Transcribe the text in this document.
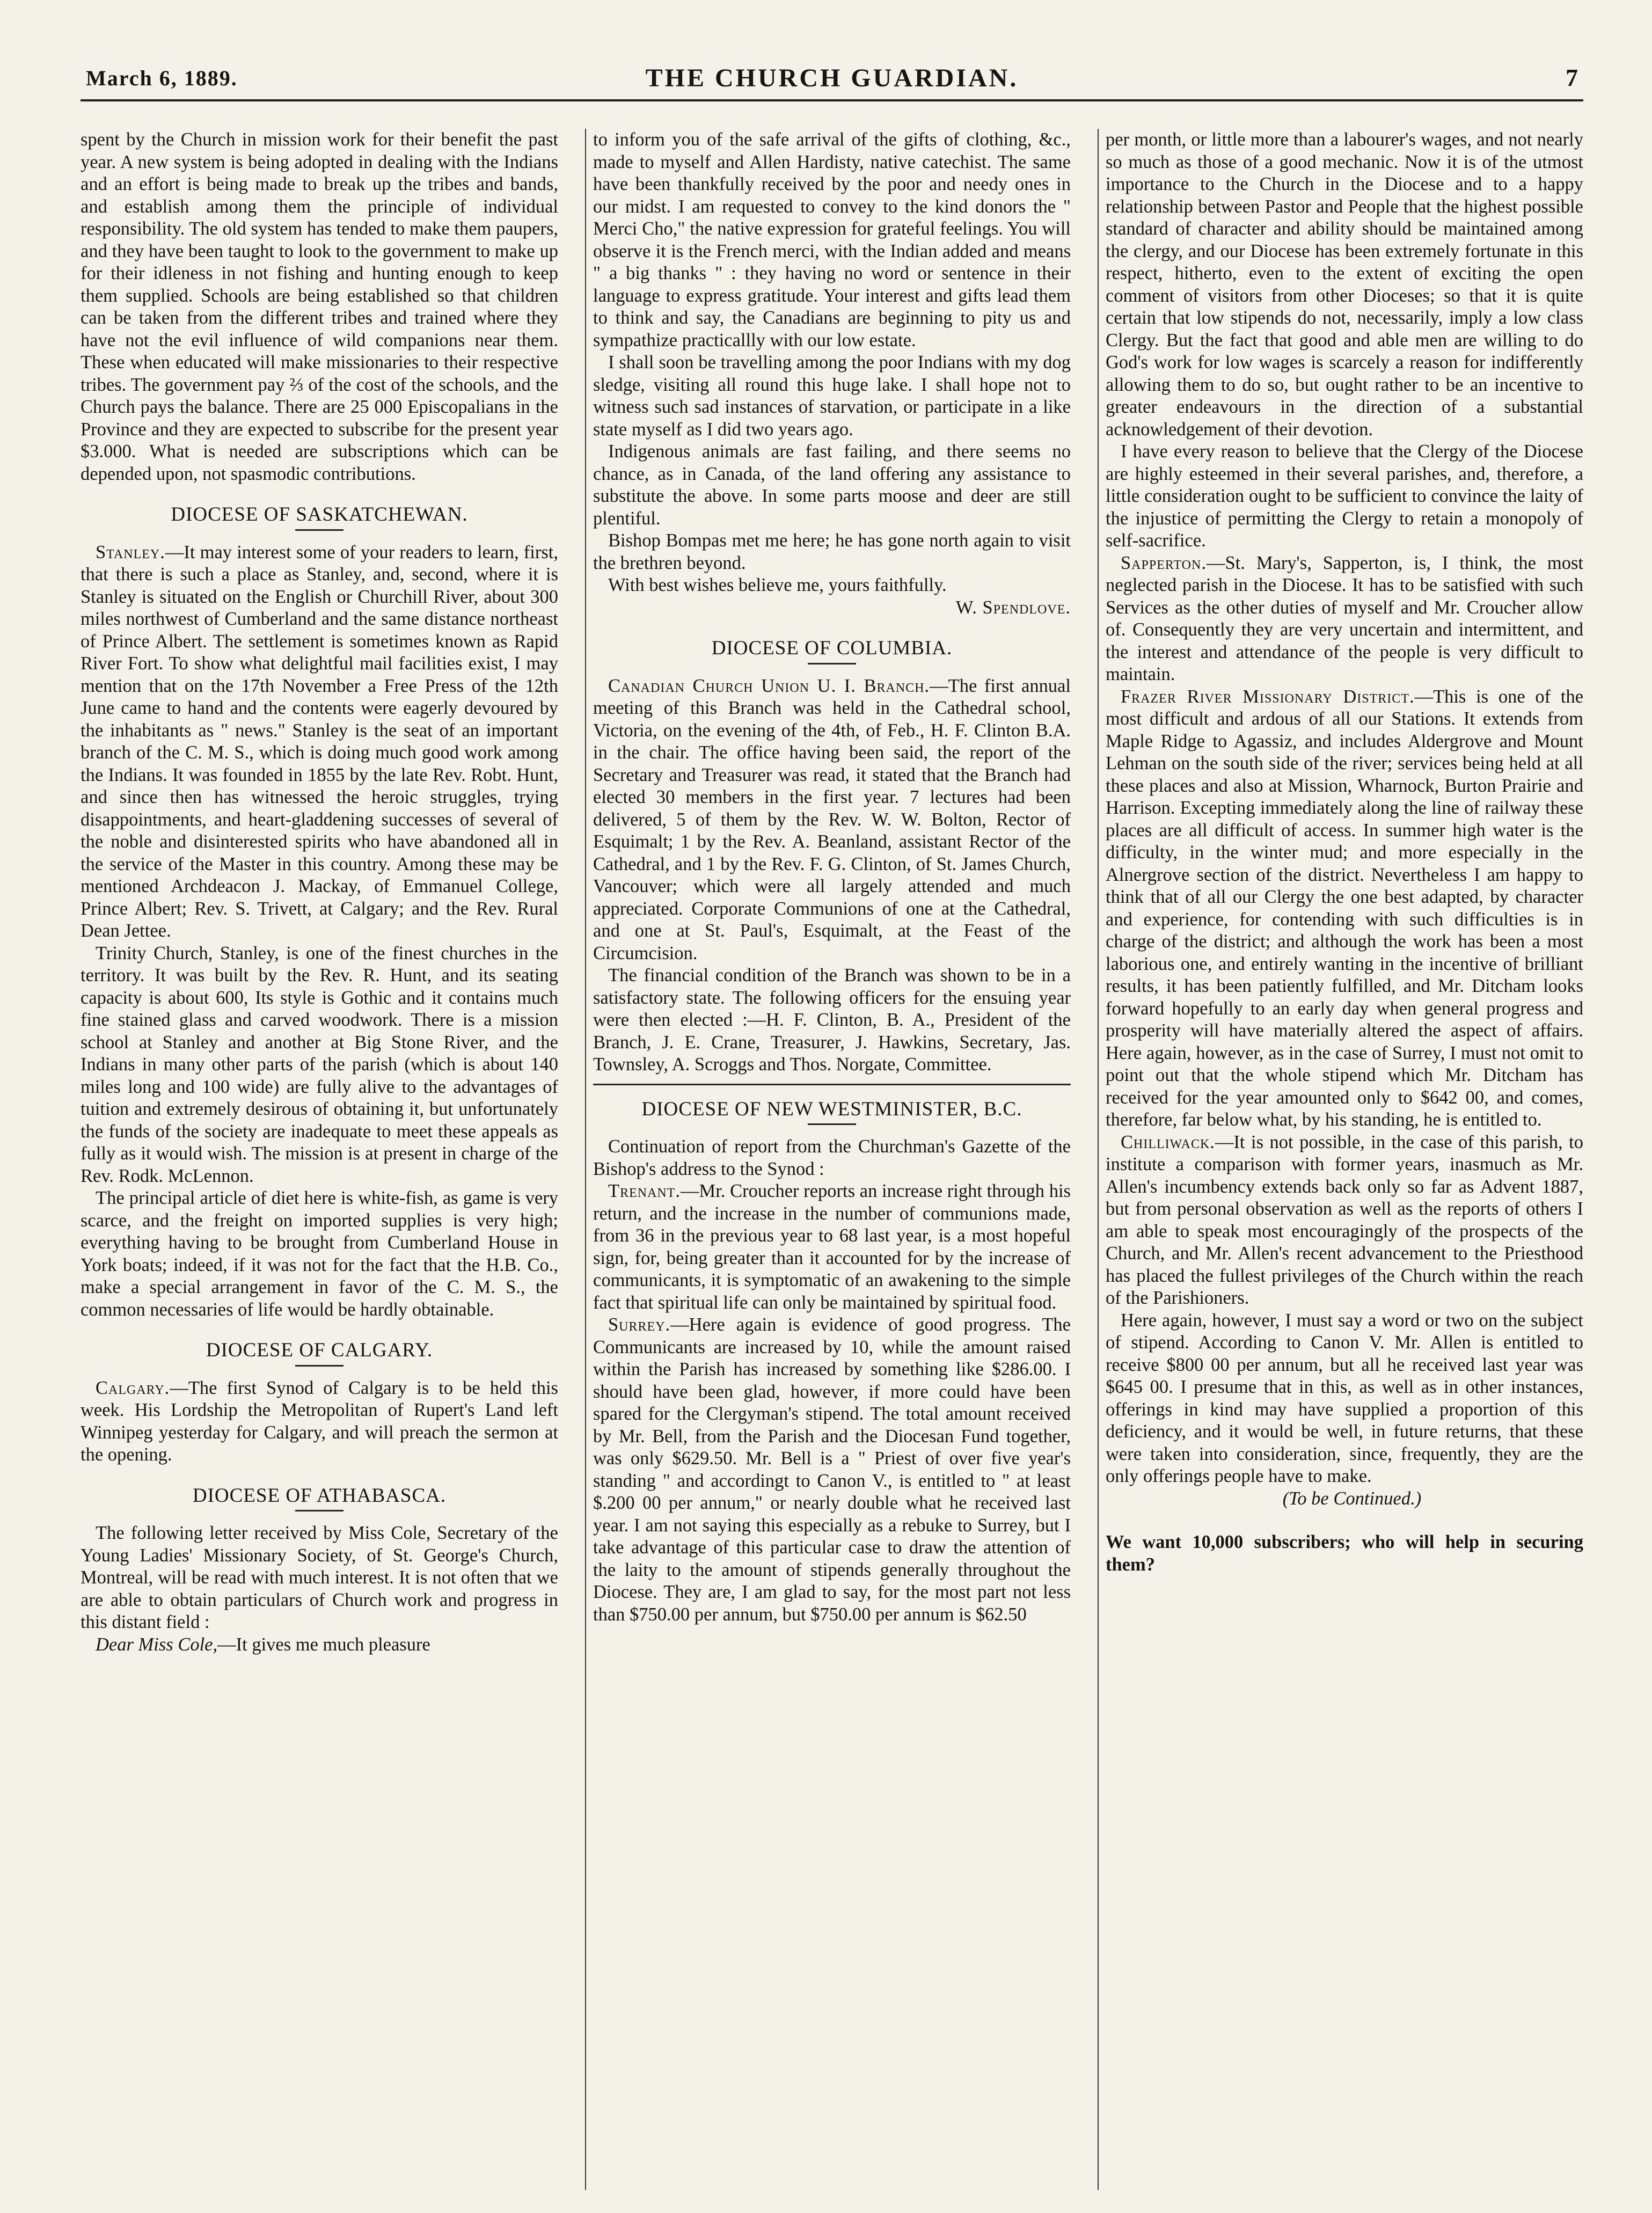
March 6, 1889.	THE CHURCH GUARDIAN.	7

spent by the Church in mission work for their benefit the past year. A new system is being adopted in dealing with the Indians and an effort is being made to break up the tribes and bands, and establish among them the principle of individual responsibility. The old system has tended to make them paupers, and they have been taught to look to the government to make up for their idleness in not fishing and hunting enough to keep them supplied. Schools are being established so that children can be taken from the different tribes and trained where they have not the evil influence of wild companions near them. These when educated will make missionaries to their respective tribes. The government pay ⅔ of the cost of the schools, and the Church pays the balance. There are 25 000 Episcopalians in the Province and they are expected to subscribe for the present year $3.000. What is needed are subscriptions which can be depended upon, not spasmodic contributions.

DIOCESE OF SASKATCHEWAN.

Stanley.—It may interest some of your readers to learn, first, that there is such a place as Stanley, and, second, where it is Stanley is situated on the English or Churchill River, about 300 miles northwest of Cumberland and the same distance northeast of Prince Albert. The settlement is sometimes known as Rapid River Fort. To show what delightful mail facilities exist, I may mention that on the 17th November a Free Press of the 12th June came to hand and the contents were eagerly devoured by the inhabitants as " news." Stanley is the seat of an important branch of the C. M. S., which is doing much good work among the Indians. It was founded in 1855 by the late Rev. Robt. Hunt, and since then has witnessed the heroic struggles, trying disappointments, and heart-gladdening successes of several of the noble and disinterested spirits who have abandoned all in the service of the Master in this country. Among these may be mentioned Archdeacon J. Mackay, of Emmanuel College, Prince Albert; Rev. S. Trivett, at Calgary; and the Rev. Rural Dean Jettee.

Trinity Church, Stanley, is one of the finest churches in the territory. It was built by the Rev. R. Hunt, and its seating capacity is about 600, Its style is Gothic and it contains much fine stained glass and carved woodwork. There is a mission school at Stanley and another at Big Stone River, and the Indians in many other parts of the parish (which is about 140 miles long and 100 wide) are fully alive to the advantages of tuition and extremely desirous of obtaining it, but unfortunately the funds of the society are inadequate to meet these appeals as fully as it would wish. The mission is at present in charge of the Rev. Rodk. McLennon.

The principal article of diet here is white-fish, as game is very scarce, and the freight on imported supplies is very high; everything having to be brought from Cumberland House in York boats; indeed, if it was not for the fact that the H.B. Co., make a special arrangement in favor of the C. M. S., the common necessaries of life would be hardly obtainable.

DIOCESE OF CALGARY.

Calgary.—The first Synod of Calgary is to be held this week. His Lordship the Metropolitan of Rupert's Land left Winnipeg yesterday for Calgary, and will preach the sermon at the opening.

DIOCESE OF ATHABASCA.

The following letter received by Miss Cole, Secretary of the Young Ladies' Missionary Society, of St. George's Church, Montreal, will be read with much interest. It is not often that we are able to obtain particulars of Church work and progress in this distant field :

Dear Miss Cole,—It gives me much pleasure

to inform you of the safe arrival of the gifts of clothing, &c., made to myself and Allen Hardisty, native catechist. The same have been thankfully received by the poor and needy ones in our midst. I am requested to convey to the kind donors the " Merci Cho," the native expression for grateful feelings. You will observe it is the French merci, with the Indian added and means " a big thanks " : they having no word or sentence in their language to express gratitude. Your interest and gifts lead them to think and say, the Canadians are beginning to pity us and sympathize practicallly with our low estate.

I shall soon be travelling among the poor Indians with my dog sledge, visiting all round this huge lake. I shall hope not to witness such sad instances of starvation, or participate in a like state myself as I did two years ago.

Indigenous animals are fast failing, and there seems no chance, as in Canada, of the land offering any assistance to substitute the above. In some parts moose and deer are still plentiful.

Bishop Bompas met me here; he has gone north again to visit the brethren beyond.

With best wishes believe me, yours faithfully.

W. Spendlove.

DIOCESE OF COLUMBIA.

Canadian Church Union U. I. Branch.—The first annual meeting of this Branch was held in the Cathedral school, Victoria, on the evening of the 4th, of Feb., H. F. Clinton B.A. in the chair. The office having been said, the report of the Secretary and Treasurer was read, it stated that the Branch had elected 30 members in the first year. 7 lectures had been delivered, 5 of them by the Rev. W. W. Bolton, Rector of Esquimalt; 1 by the Rev. A. Beanland, assistant Rector of the Cathedral, and 1 by the Rev. F. G. Clinton, of St. James Church, Vancouver; which were all largely attended and much appreciated. Corporate Communions of one at the Cathedral, and one at St. Paul's, Esquimalt, at the Feast of the Circumcision.

The financial condition of the Branch was shown to be in a satisfactory state. The following officers for the ensuing year were then elected :—H. F. Clinton, B. A., President of the Branch, J. E. Crane, Treasurer, J. Hawkins, Secretary, Jas. Townsley, A. Scroggs and Thos. Norgate, Committee.

DIOCESE OF NEW WESTMINISTER, B.C.

Continuation of report from the Churchman's Gazette of the Bishop's address to the Synod :

Trenant.—Mr. Croucher reports an increase right through his return, and the increase in the number of communions made, from 36 in the previous year to 68 last year, is a most hopeful sign, for, being greater than it accounted for by the increase of communicants, it is symptomatic of an awakening to the simple fact that spiritual life can only be maintained by spiritual food.

Surrey.—Here again is evidence of good progress. The Communicants are increased by 10, while the amount raised within the Parish has increased by something like $286.00. I should have been glad, however, if more could have been spared for the Clergyman's stipend. The total amount received by Mr. Bell, from the Parish and the Diocesan Fund together, was only $629.50. Mr. Bell is a " Priest of over five year's standing " and accordingt to Canon V., is entitled to " at least $.200 00 per annum," or nearly double what he received last year. I am not saying this especially as a rebuke to Surrey, but I take advantage of this particular case to draw the attention of the laity to the amount of stipends generally throughout the Diocese. They are, I am glad to say, for the most part not less than $750.00 per annum, but $750.00 per annum is $62.50

per month, or little more than a labourer's wages, and not nearly so much as those of a good mechanic. Now it is of the utmost importance to the Church in the Diocese and to a happy relationship between Pastor and People that the highest possible standard of character and ability should be maintained among the clergy, and our Diocese has been extremely fortunate in this respect, hitherto, even to the extent of exciting the open comment of visitors from other Dioceses; so that it is quite certain that low stipends do not, necessarily, imply a low class Clergy. But the fact that good and able men are willing to do God's work for low wages is scarcely a reason for indifferently allowing them to do so, but ought rather to be an incentive to greater endeavours in the direction of a substantial acknowledgement of their devotion.

I have every reason to believe that the Clergy of the Diocese are highly esteemed in their several parishes, and, therefore, a little consideration ought to be sufficient to convince the laity of the injustice of permitting the Clergy to retain a monopoly of self-sacrifice.

Sapperton.—St. Mary's, Sapperton, is, I think, the most neglected parish in the Diocese. It has to be satisfied with such Services as the other duties of myself and Mr. Croucher allow of. Consequently they are very uncertain and intermittent, and the interest and attendance of the people is very difficult to maintain.

Frazer River Missionary District.—This is one of the most difficult and ardous of all our Stations. It extends from Maple Ridge to Agassiz, and includes Aldergrove and Mount Lehman on the south side of the river; services being held at all these places and also at Mission, Wharnock, Burton Prairie and Harrison. Excepting immediately along the line of railway these places are all difficult of access. In summer high water is the difficulty, in the winter mud; and more especially in the Alnergrove section of the district. Nevertheless I am happy to think that of all our Clergy the one best adapted, by character and experience, for contending with such difficulties is in charge of the district; and although the work has been a most laborious one, and entirely wanting in the incentive of brilliant results, it has been patiently fulfilled, and Mr. Ditcham looks forward hopefully to an early day when general progress and prosperity will have materially altered the aspect of affairs. Here again, however, as in the case of Surrey, I must not omit to point out that the whole stipend which Mr. Ditcham has received for the year amounted only to $642 00, and comes, therefore, far below what, by his standing, he is entitled to.

Chilliwack.—It is not possible, in the case of this parish, to institute a comparison with former years, inasmuch as Mr. Allen's incumbency extends back only so far as Advent 1887, but from personal observation as well as the reports of others I am able to speak most encouragingly of the prospects of the Church, and Mr. Allen's recent advancement to the Priesthood has placed the fullest privileges of the Church within the reach of the Parishioners.

Here again, however, I must say a word or two on the subject of stipend. According to Canon V. Mr. Allen is entitled to receive $800 00 per annum, but all he received last year was $645 00. I presume that in this, as well as in other instances, offerings in kind may have supplied a proportion of this deficiency, and it would be well, in future returns, that these were taken into consideration, since, frequently, they are the only offerings people have to make.

(To be Continued.)

We want 10,000 subscribers; who will help in securing them?
